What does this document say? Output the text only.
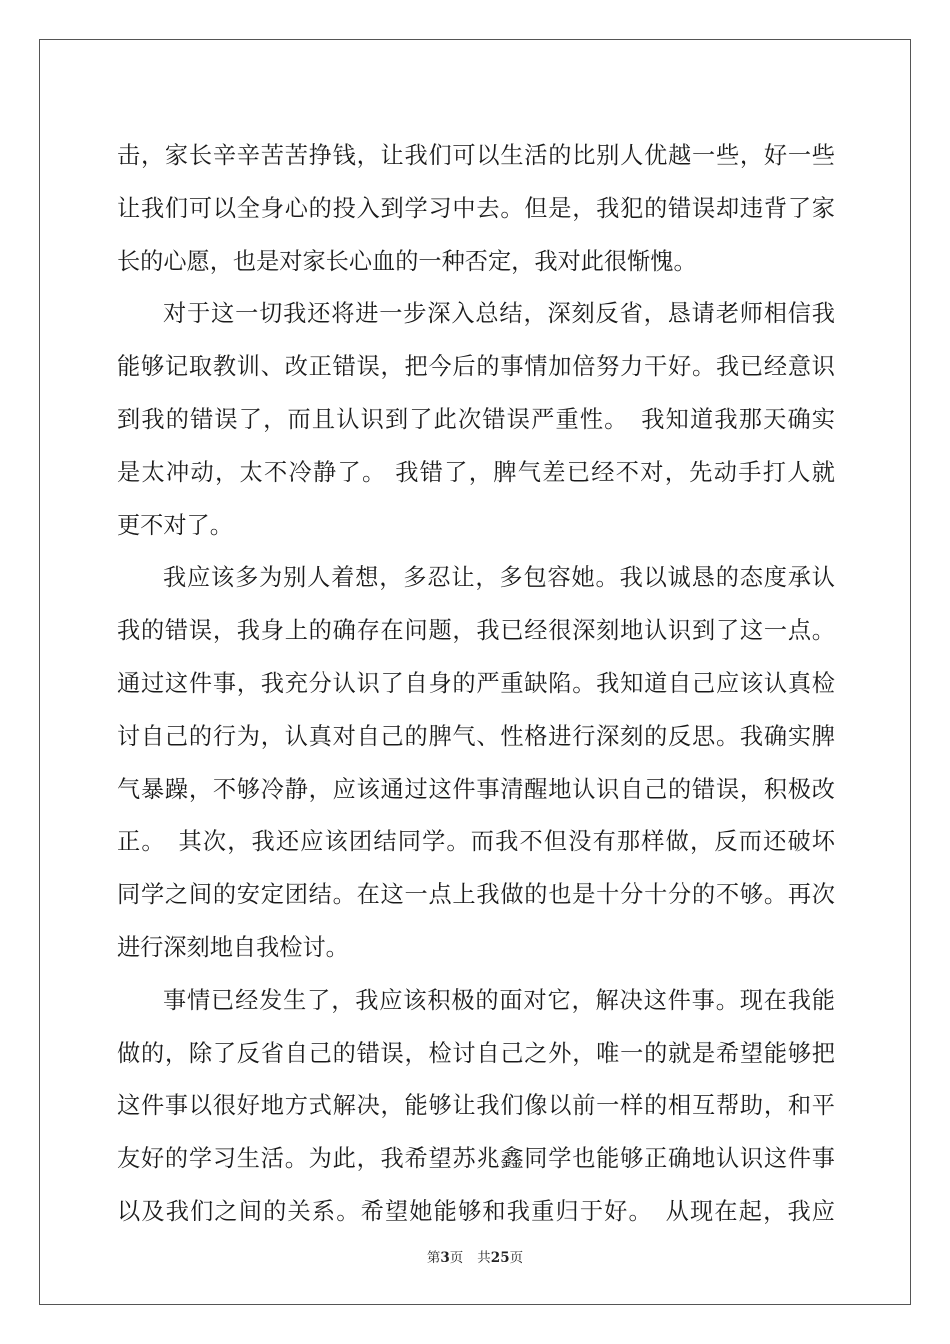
击，家长辛辛苦苦挣钱，让我们可以生活的比别人优越一些，好一些
让我们可以全身心的投入到学习中去。但是，我犯的错误却违背了家
长的心愿，也是对家长心血的一种否定，我对此很惭愧。
对于这一切我还将进一步深入总结，深刻反省，恳请老师相信我
能够记取教训、改正错误，把今后的事情加倍努力干好。我已经意识
到我的错误了，而且认识到了此次错误严重性。　我知道我那天确实
是太冲动，太不冷静了。 我错了，脾气差已经不对，先动手打人就
更不对了。
我应该多为别人着想，多忍让，多包容她。我以诚恳的态度承认
我的错误，我身上的确存在问题，我已经很深刻地认识到了这一点。
通过这件事，我充分认识了自身的严重缺陷。我知道自己应该认真检
讨自己的行为，认真对自己的脾气、性格进行深刻的反思。我确实脾
气暴躁，不够冷静，应该通过这件事清醒地认识自己的错误，积极改
正。　其次，我还应该团结同学。而我不但没有那样做，反而还破坏
同学之间的安定团结。在这一点上我做的也是十分十分的不够。再次
进行深刻地自我检讨。
事情已经发生了，我应该积极的面对它，解决这件事。现在我能
做的，除了反省自己的错误，检讨自己之外，唯一的就是希望能够把
这件事以很好地方式解决，能够让我们像以前一样的相互帮助，和平
友好的学习生活。为此，我希望苏兆鑫同学也能够正确地认识这件事
以及我们之间的关系。希望她能够和我重归于好。　从现在起，我应
第3页 共25页
